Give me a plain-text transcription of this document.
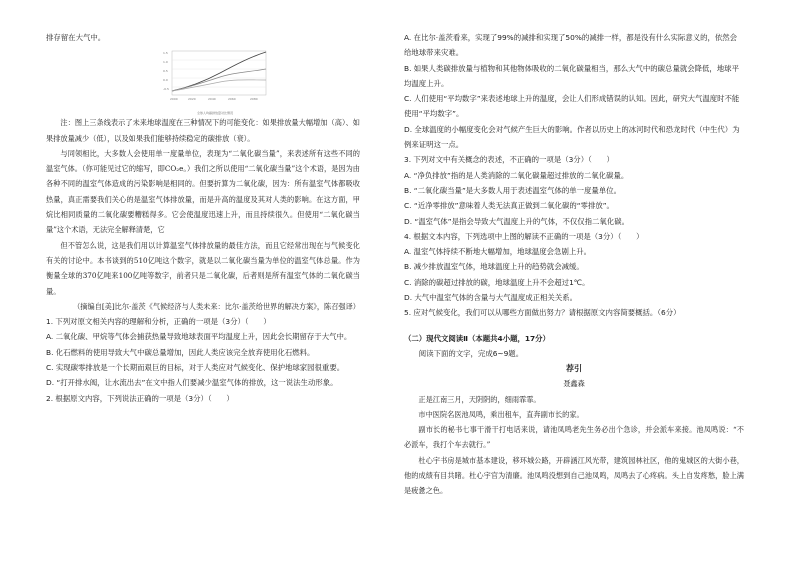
排存留在大气中。

1.5
1.0
0.5
0.0
-0.5
2000	2020	2040	2060	2080
全球人均碳排放量对比情况

注：图上三条线表示了未来地球温度在三种情况下的可能变化：如果排放量大幅增加（高）、如果排放量减少（低），以及如果我们能够持续稳定的碳排放（衰）。

与同领相比，大多数人会使用单一度量单位，表现为“二氧化碳当量”，来表述所有这些不同的温室气体。（你可能见过它的缩写，即CO₂e。）我们之所以使用“二氧化碳当量”这个术语，是因为由各种不同的温室气体造成的污染影响是相同的。但要折算为二氧化碳，因为：所有温室气体都吸收热量，真正需要我们关心的是温室气体排放量，而是升高的温度及其对人类的影响。在这方面，甲烷比相同质量的二氧化碳要糟糕得多。它会使温度迅速上升，而且持续很久。但使用“二氧化碳当量”这个术语，无法完全解释清楚，它

但不管怎么说，这是我们用以计算温室气体排放量的最佳方法，而且它经常出现在与气候变化有关的讨论中。本书谈到的510亿吨这个数字，就是以二氧化碳当量为单位的温室气体总量。作为衡量全球的370亿吨来100亿吨等数字，前者只是二氧化碳，后者则是所有温室气体的二氧化碳当量。

（摘编自[美]比尔·盖茨《气候经济与人类未来：比尔·盖茨给世界的解决方案》，陈召强译）

1. 下列对原文相关内容的理解和分析，正确的一项是（3分）（　　）

A. 二氧化碳、甲烷等气体会捕获热量导致地球表面平均温度上升，因此会长期留存于大气中。

B. 化石燃料的使用导致大气中碳总量增加，因此人类应该完全放弃使用化石燃料。

C. 实现碳零排放是一个长期而艰巨的目标，对于人类应对气候变化、保护地球家园很重要。

D. “打开排水阀，让水流出去”在文中指人们要减少温室气体的排放，这一说法生动形象。

2. 根据原文内容，下列说法正确的一项是（3分）（　　）

A. 在比尔·盖茨看来，实现了99%的减排和实现了50%的减排一样，都是没有什么实际意义的，依然会给地球带来灾难。

B. 如果人类碳排放量与植物和其他物体吸收的二氧化碳量相当，那么大气中的碳总量就会降低，地球平均温度上升。

C. 人们使用“平均数字”来表述地球上升的温度，会让人们形成错误的认知。因此，研究大气温度时不能使用“平均数字”。

D. 全球温度的小幅度变化会对气候产生巨大的影响。作者以历史上的冰河时代和恐龙时代（中生代）为例来证明这一点。

3. 下列对文中有关概念的表述，不正确的一项是（3分）（　　）

A. “净负排放”指的是人类消除的二氧化碳量超过排放的二氧化碳量。

B. “二氧化碳当量”是大多数人用于表述温室气体的单一度量单位。

C. “近净零排放”意味着人类无法真正做到二氧化碳的“零排放”。

D. “温室气体”是指会导致大气温度上升的气体，不仅仅指二氧化碳。

4. 根据文本内容，下列选项中上图的解读不正确的一项是（3分）（　　）

A. 温室气体持续不断地大幅增加，地球温度会急剧上升。

B. 减少排放温室气体，地球温度上升的趋势就会减缓。

C. 消除的碳超过排放的碳，地球温度上升不会超过1℃。

D. 大气中温室气体的含量与大气温度成正相关关系。

5. 应对气候变化，我们可以从哪些方面做出努力？请根据原文内容简要概括。（6分）

（二）现代文阅读Ⅱ（本题共4小题，17分）

阅读下面的文字，完成6~9题。

荐引

聂鑫森

正是江南三月，天阴阴的，细雨霏霏。

市中医院名医池凤鸣，乘出租车，直奔副市长的家。

副市长的秘书七事干滑干打电话来说，请池凤鸣老先生务必出个急诊，并会派车来接。池凤鸣说：“不必派车，我打个车去就行。”

杜心宇书房是城市基本建设，移环城公路，开辟涵江风光带，建筑园林社区，他的鬼城区的大街小巷，他的成绩有目共睹。杜心宇官为清廉。池凤鸣没想到自己池凤鸣，凤鸣去了心疼病。头上自发疼愁，脸上满是疲惫之色。
